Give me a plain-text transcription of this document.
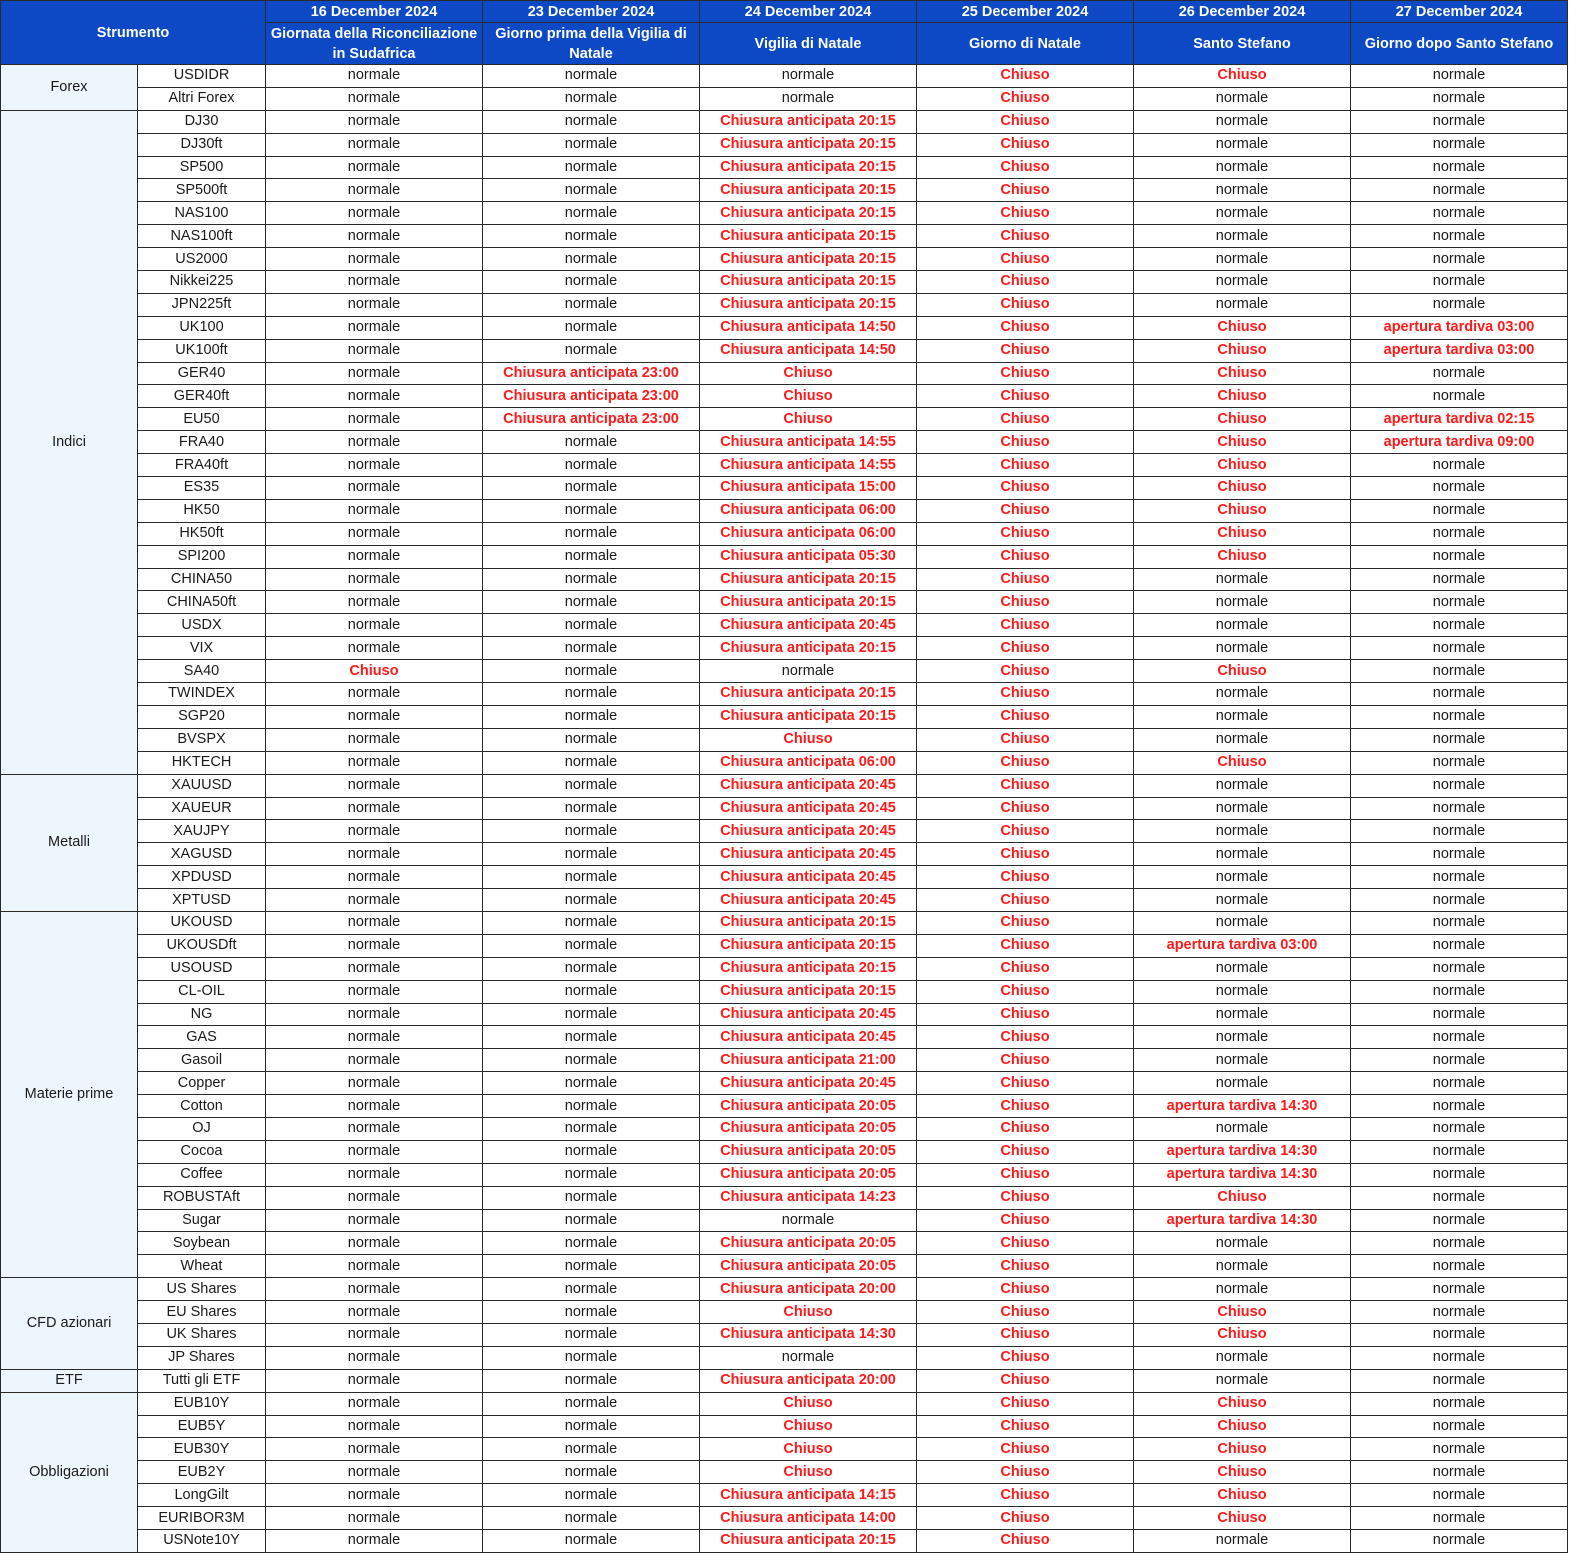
Strumento		16 December 2024	23 December 2024	24 December 2024	25 December 2024	26 December 2024	27 December 2024
		Giornata della Riconciliazione in Sudafrica	Giorno prima della Vigilia di Natale	Vigilia di Natale	Giorno di Natale	Santo Stefano	Giorno dopo Santo Stefano
Forex	USDIDR	normale	normale	normale	Chiuso	Chiuso	normale
	Altri Forex	normale	normale	normale	Chiuso	normale	normale
Indici	DJ30	normale	normale	Chiusura anticipata 20:15	Chiuso	normale	normale
	DJ30ft	normale	normale	Chiusura anticipata 20:15	Chiuso	normale	normale
	SP500	normale	normale	Chiusura anticipata 20:15	Chiuso	normale	normale
	SP500ft	normale	normale	Chiusura anticipata 20:15	Chiuso	normale	normale
	NAS100	normale	normale	Chiusura anticipata 20:15	Chiuso	normale	normale
	NAS100ft	normale	normale	Chiusura anticipata 20:15	Chiuso	normale	normale
	US2000	normale	normale	Chiusura anticipata 20:15	Chiuso	normale	normale
	Nikkei225	normale	normale	Chiusura anticipata 20:15	Chiuso	normale	normale
	JPN225ft	normale	normale	Chiusura anticipata 20:15	Chiuso	normale	normale
	UK100	normale	normale	Chiusura anticipata 14:50	Chiuso	Chiuso	apertura tardiva 03:00
	UK100ft	normale	normale	Chiusura anticipata 14:50	Chiuso	Chiuso	apertura tardiva 03:00
	GER40	normale	Chiusura anticipata 23:00	Chiuso	Chiuso	Chiuso	normale
	GER40ft	normale	Chiusura anticipata 23:00	Chiuso	Chiuso	Chiuso	normale
	EU50	normale	Chiusura anticipata 23:00	Chiuso	Chiuso	Chiuso	apertura tardiva 02:15
	FRA40	normale	normale	Chiusura anticipata 14:55	Chiuso	Chiuso	apertura tardiva 09:00
	FRA40ft	normale	normale	Chiusura anticipata 14:55	Chiuso	Chiuso	normale
	ES35	normale	normale	Chiusura anticipata 15:00	Chiuso	Chiuso	normale
	HK50	normale	normale	Chiusura anticipata 06:00	Chiuso	Chiuso	normale
	HK50ft	normale	normale	Chiusura anticipata 06:00	Chiuso	Chiuso	normale
	SPI200	normale	normale	Chiusura anticipata 05:30	Chiuso	Chiuso	normale
	CHINA50	normale	normale	Chiusura anticipata 20:15	Chiuso	normale	normale
	CHINA50ft	normale	normale	Chiusura anticipata 20:15	Chiuso	normale	normale
	USDX	normale	normale	Chiusura anticipata 20:45	Chiuso	normale	normale
	VIX	normale	normale	Chiusura anticipata 20:15	Chiuso	normale	normale
	SA40	Chiuso	normale	normale	Chiuso	Chiuso	normale
	TWINDEX	normale	normale	Chiusura anticipata 20:15	Chiuso	normale	normale
	SGP20	normale	normale	Chiusura anticipata 20:15	Chiuso	normale	normale
	BVSPX	normale	normale	Chiuso	Chiuso	normale	normale
	HKTECH	normale	normale	Chiusura anticipata 06:00	Chiuso	Chiuso	normale
Metalli	XAUUSD	normale	normale	Chiusura anticipata 20:45	Chiuso	normale	normale
	XAUEUR	normale	normale	Chiusura anticipata 20:45	Chiuso	normale	normale
	XAUJPY	normale	normale	Chiusura anticipata 20:45	Chiuso	normale	normale
	XAGUSD	normale	normale	Chiusura anticipata 20:45	Chiuso	normale	normale
	XPDUSD	normale	normale	Chiusura anticipata 20:45	Chiuso	normale	normale
	XPTUSD	normale	normale	Chiusura anticipata 20:45	Chiuso	normale	normale
Materie prime	UKOUSD	normale	normale	Chiusura anticipata 20:15	Chiuso	normale	normale
	UKOUSDft	normale	normale	Chiusura anticipata 20:15	Chiuso	apertura tardiva 03:00	normale
	USOUSD	normale	normale	Chiusura anticipata 20:15	Chiuso	normale	normale
	CL-OIL	normale	normale	Chiusura anticipata 20:15	Chiuso	normale	normale
	NG	normale	normale	Chiusura anticipata 20:45	Chiuso	normale	normale
	GAS	normale	normale	Chiusura anticipata 20:45	Chiuso	normale	normale
	Gasoil	normale	normale	Chiusura anticipata 21:00	Chiuso	normale	normale
	Copper	normale	normale	Chiusura anticipata 20:45	Chiuso	normale	normale
	Cotton	normale	normale	Chiusura anticipata 20:05	Chiuso	apertura tardiva 14:30	normale
	OJ	normale	normale	Chiusura anticipata 20:05	Chiuso	normale	normale
	Cocoa	normale	normale	Chiusura anticipata 20:05	Chiuso	apertura tardiva 14:30	normale
	Coffee	normale	normale	Chiusura anticipata 20:05	Chiuso	apertura tardiva 14:30	normale
	ROBUSTAft	normale	normale	Chiusura anticipata 14:23	Chiuso	Chiuso	normale
	Sugar	normale	normale	normale	Chiuso	apertura tardiva 14:30	normale
	Soybean	normale	normale	Chiusura anticipata 20:05	Chiuso	normale	normale
	Wheat	normale	normale	Chiusura anticipata 20:05	Chiuso	normale	normale
CFD azionari	US Shares	normale	normale	Chiusura anticipata 20:00	Chiuso	normale	normale
	EU Shares	normale	normale	Chiuso	Chiuso	Chiuso	normale
	UK Shares	normale	normale	Chiusura anticipata 14:30	Chiuso	Chiuso	normale
	JP Shares	normale	normale	normale	Chiuso	normale	normale
ETF	Tutti gli ETF	normale	normale	Chiusura anticipata 20:00	Chiuso	normale	normale
Obbligazioni	EUB10Y	normale	normale	Chiuso	Chiuso	Chiuso	normale
	EUB5Y	normale	normale	Chiuso	Chiuso	Chiuso	normale
	EUB30Y	normale	normale	Chiuso	Chiuso	Chiuso	normale
	EUB2Y	normale	normale	Chiuso	Chiuso	Chiuso	normale
	LongGilt	normale	normale	Chiusura anticipata 14:15	Chiuso	Chiuso	normale
	EURIBOR3M	normale	normale	Chiusura anticipata 14:00	Chiuso	Chiuso	normale
	USNote10Y	normale	normale	Chiusura anticipata 20:15	Chiuso	normale	normale
